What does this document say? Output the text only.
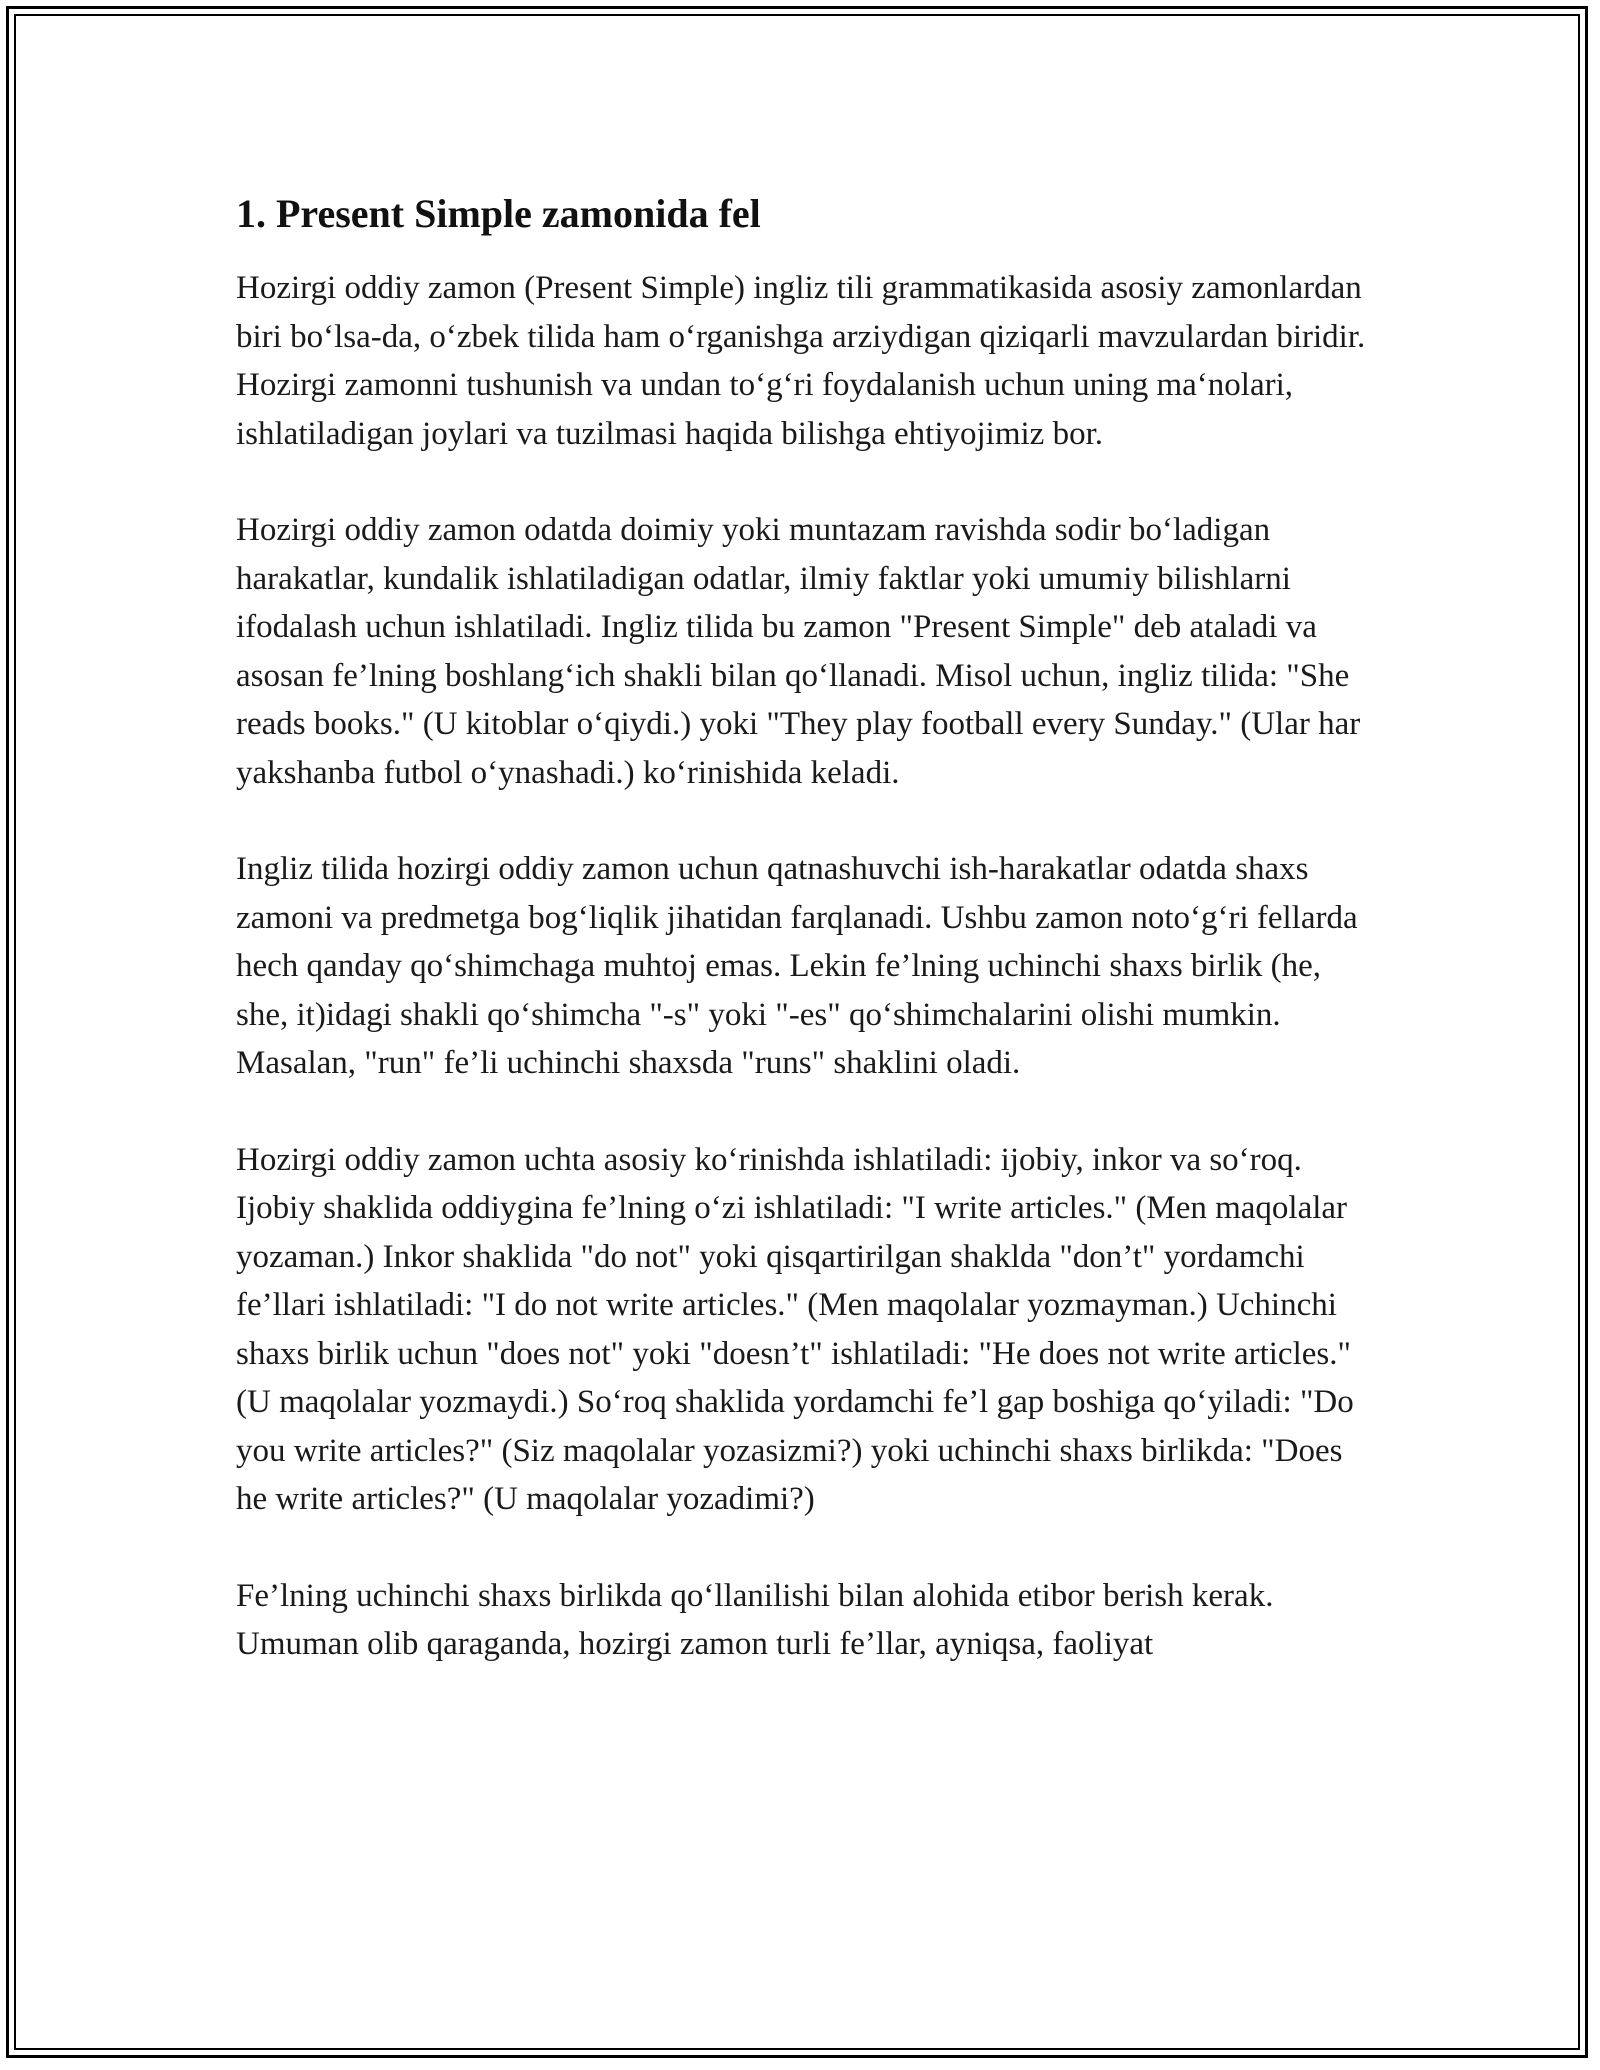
1. Present Simple zamonida fel

Hozirgi oddiy zamon (Present Simple) ingliz tili grammatikasida asosiy zamonlardan biri bo‘lsa-da, o‘zbek tilida ham o‘rganishga arziydigan qiziqarli mavzulardan biridir. Hozirgi zamonni tushunish va undan to‘g‘ri foydalanish uchun uning ma‘nolari, ishlatiladigan joylari va tuzilmasi haqida bilishga ehtiyojimiz bor.

Hozirgi oddiy zamon odatda doimiy yoki muntazam ravishda sodir bo‘ladigan harakatlar, kundalik ishlatiladigan odatlar, ilmiy faktlar yoki umumiy bilishlarni ifodalash uchun ishlatiladi. Ingliz tilida bu zamon "Present Simple" deb ataladi va asosan fe’lning boshlang‘ich shakli bilan qo‘llanadi. Misol uchun, ingliz tilida: "She reads books." (U kitoblar o‘qiydi.) yoki "They play football every Sunday." (Ular har yakshanba futbol o‘ynashadi.) ko‘rinishida keladi.

Ingliz tilida hozirgi oddiy zamon uchun qatnashuvchi ish-harakatlar odatda shaxs zamoni va predmetga bog‘liqlik jihatidan farqlanadi. Ushbu zamon noto‘g‘ri fellarda hech qanday qo‘shimchaga muhtoj emas. Lekin fe’lning uchinchi shaxs birlik (he, she, it)idagi shakli qo‘shimcha "-s" yoki "-es" qo‘shimchalarini olishi mumkin. Masalan, "run" fe’li uchinchi shaxsda "runs" shaklini oladi.

Hozirgi oddiy zamon uchta asosiy ko‘rinishda ishlatiladi: ijobiy, inkor va so‘roq. Ijobiy shaklida oddiygina fe’lning o‘zi ishlatiladi: "I write articles." (Men maqolalar yozaman.) Inkor shaklida "do not" yoki qisqartirilgan shaklda "don’t" yordamchi fe’llari ishlatiladi: "I do not write articles." (Men maqolalar yozmayman.) Uchinchi shaxs birlik uchun "does not" yoki "doesn’t" ishlatiladi: "He does not write articles." (U maqolalar yozmaydi.) So‘roq shaklida yordamchi fe’l gap boshiga qo‘yiladi: "Do you write articles?" (Siz maqolalar yozasizmi?) yoki uchinchi shaxs birlikda: "Does he write articles?" (U maqolalar yozadimi?)

Fe’lning uchinchi shaxs birlikda qo‘llanilishi bilan alohida etibor berish kerak. Umuman olib qaraganda, hozirgi zamon turli fe’llar, ayniqsa, faoliyat
